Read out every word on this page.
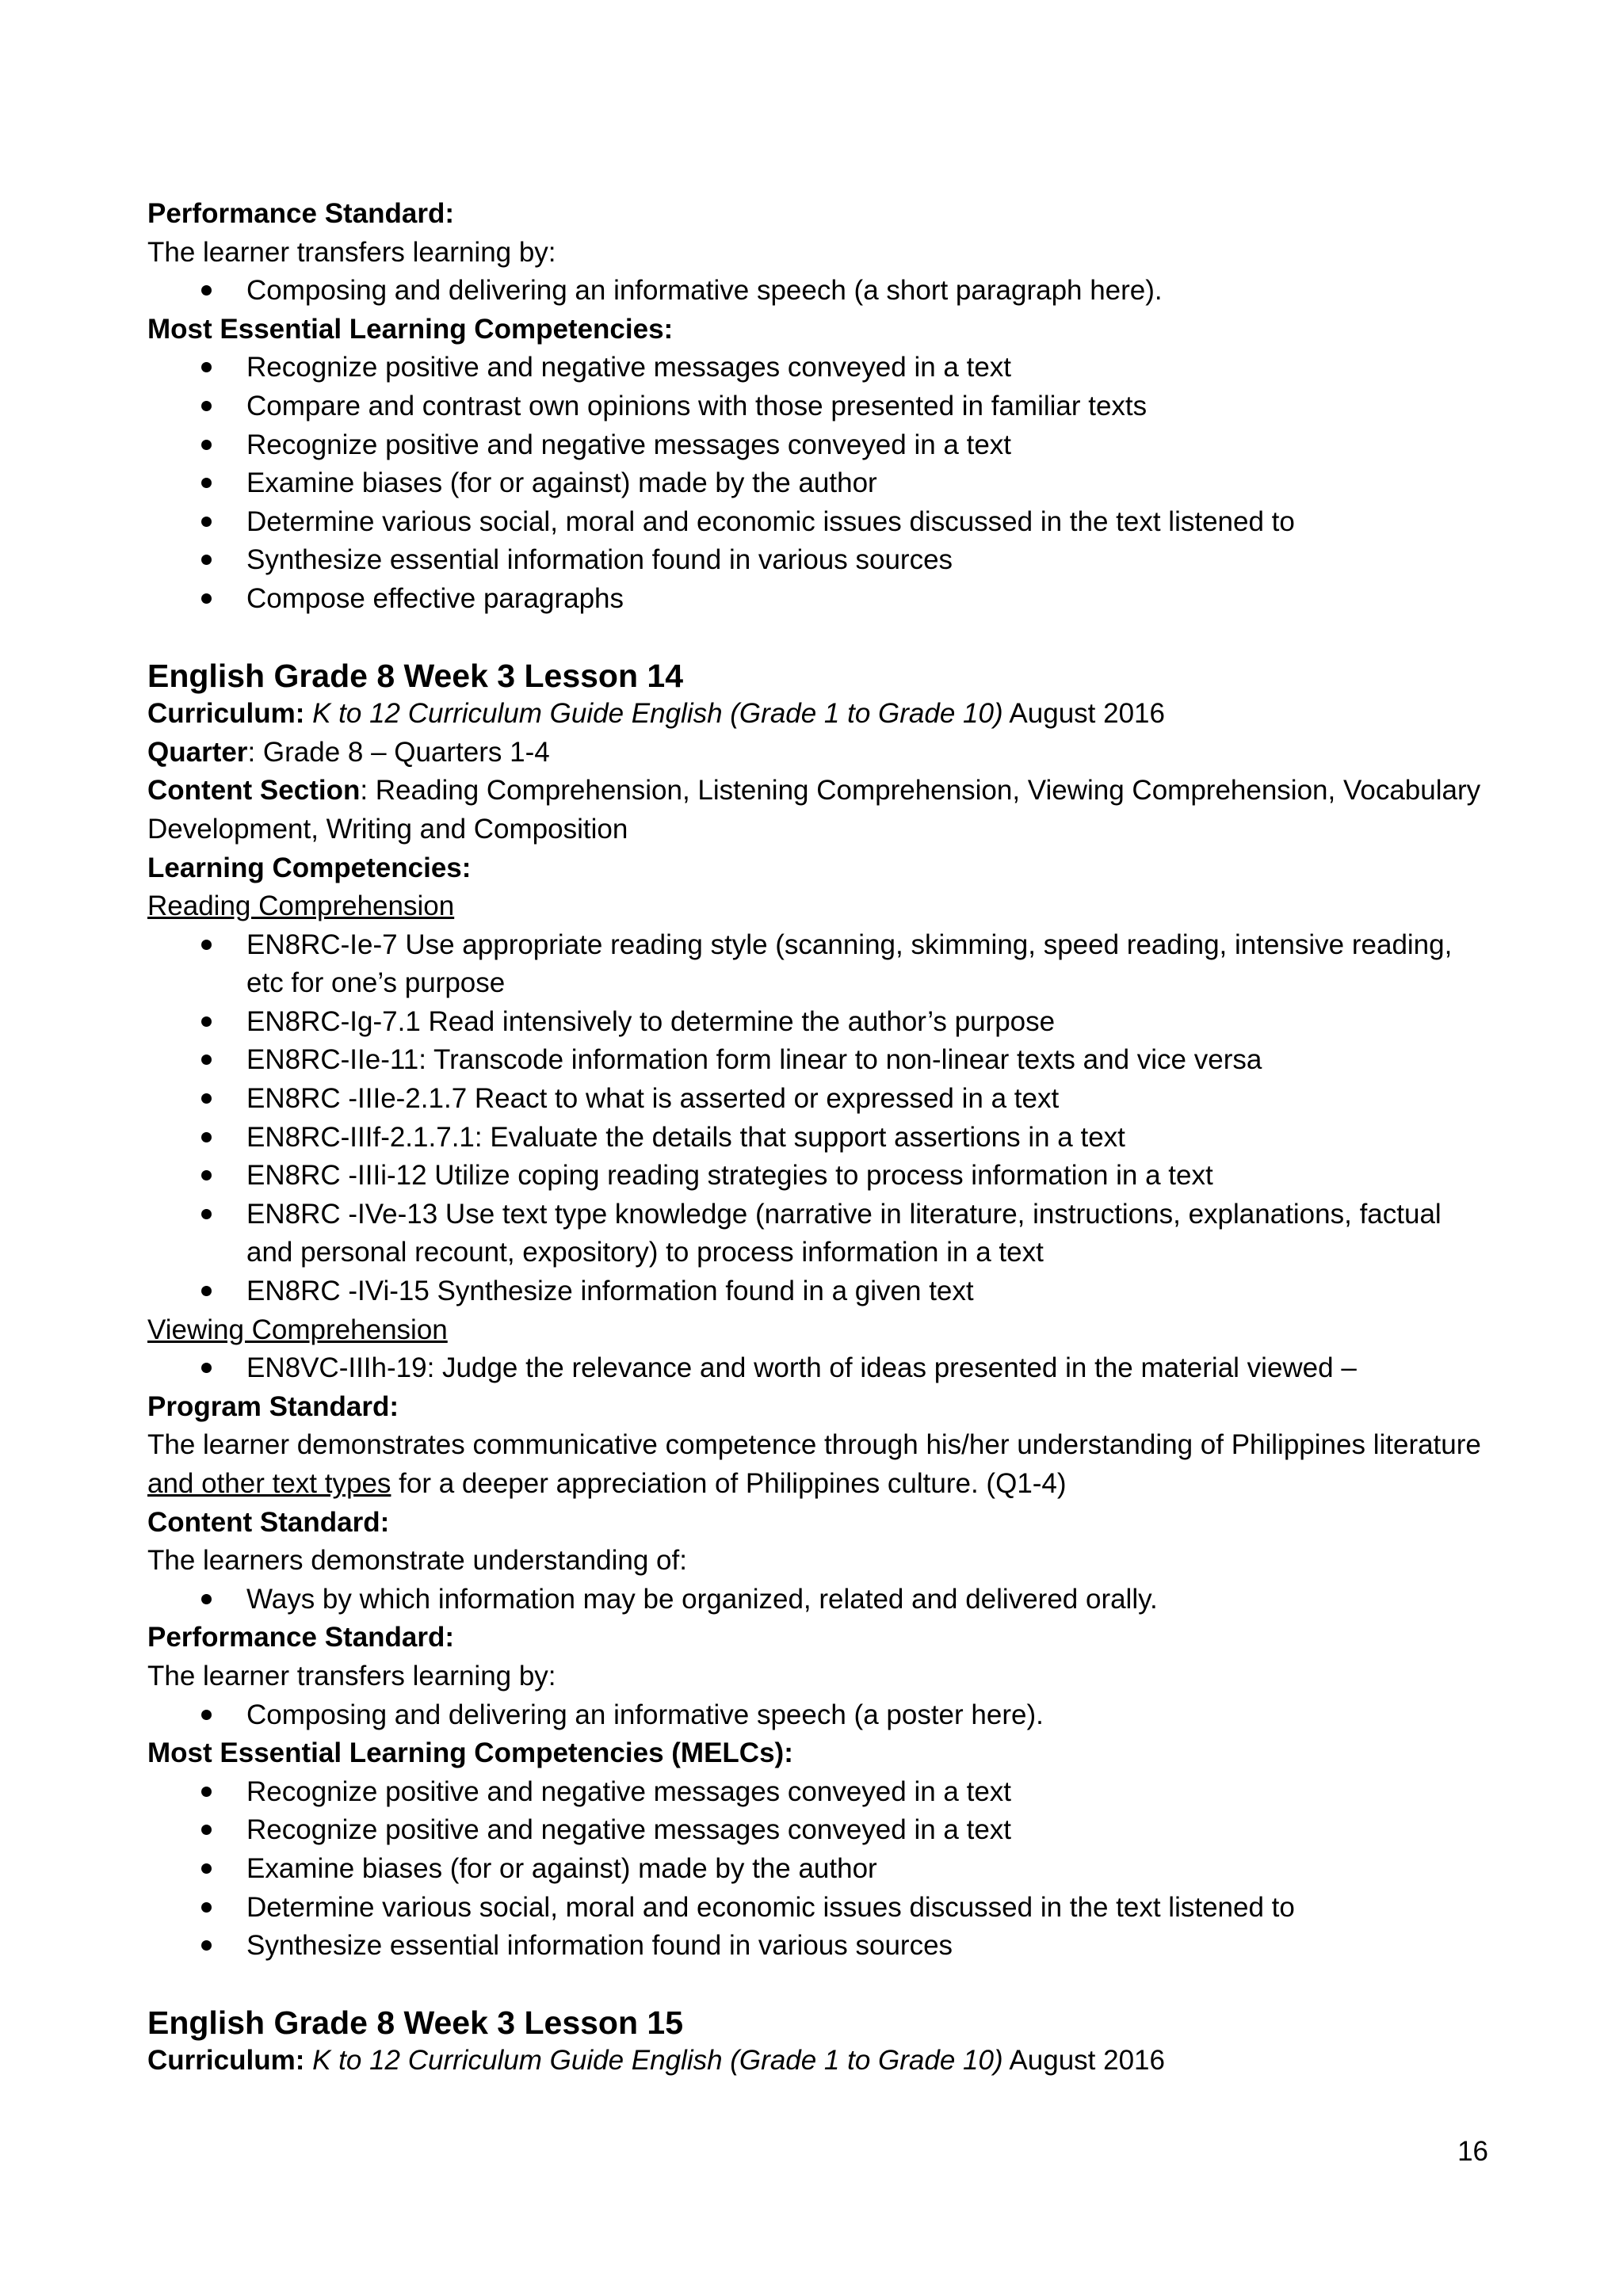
Performance Standard:
The learner transfers learning by:
Composing and delivering an informative speech (a short paragraph here).
Most Essential Learning Competencies:
Recognize positive and negative messages conveyed in a text
Compare and contrast own opinions with those presented in familiar texts
Recognize positive and negative messages conveyed in a text
Examine biases (for or against) made by the author
Determine various social, moral and economic issues discussed in the text listened to
Synthesize essential information found in various sources
Compose effective paragraphs
English Grade 8 Week 3 Lesson 14
Curriculum: K to 12 Curriculum Guide English (Grade 1 to Grade 10) August 2016
Quarter: Grade 8 – Quarters 1-4
Content Section: Reading Comprehension, Listening Comprehension, Viewing Comprehension, Vocabulary Development, Writing and Composition
Learning Competencies:
Reading Comprehension
EN8RC-Ie-7 Use appropriate reading style (scanning, skimming, speed reading, intensive reading, etc for one’s purpose
EN8RC-Ig-7.1 Read intensively to determine the author’s purpose
EN8RC-IIe-11: Transcode information form linear to non-linear texts and vice versa
EN8RC -IIIe-2.1.7 React to what is asserted or expressed in a text
EN8RC-IIIf-2.1.7.1: Evaluate the details that support assertions in a text
EN8RC -IIIi-12 Utilize coping reading strategies to process information in a text
EN8RC -IVe-13 Use text type knowledge (narrative in literature, instructions, explanations, factual and personal recount, expository) to process information in a text
EN8RC -IVi-15 Synthesize information found in a given text
Viewing Comprehension
EN8VC-IIIh-19: Judge the relevance and worth of ideas presented in the material viewed –
Program Standard:
The learner demonstrates communicative competence through his/her understanding of Philippines literature and other text types for a deeper appreciation of Philippines culture. (Q1-4)
Content Standard:
The learners demonstrate understanding of:
Ways by which information may be organized, related and delivered orally.
Performance Standard:
The learner transfers learning by:
Composing and delivering an informative speech (a poster here).
Most Essential Learning Competencies (MELCs):
Recognize positive and negative messages conveyed in a text
Recognize positive and negative messages conveyed in a text
Examine biases (for or against) made by the author
Determine various social, moral and economic issues discussed in the text listened to
Synthesize essential information found in various sources
English Grade 8 Week 3 Lesson 15
Curriculum: K to 12 Curriculum Guide English (Grade 1 to Grade 10) August 2016
16
